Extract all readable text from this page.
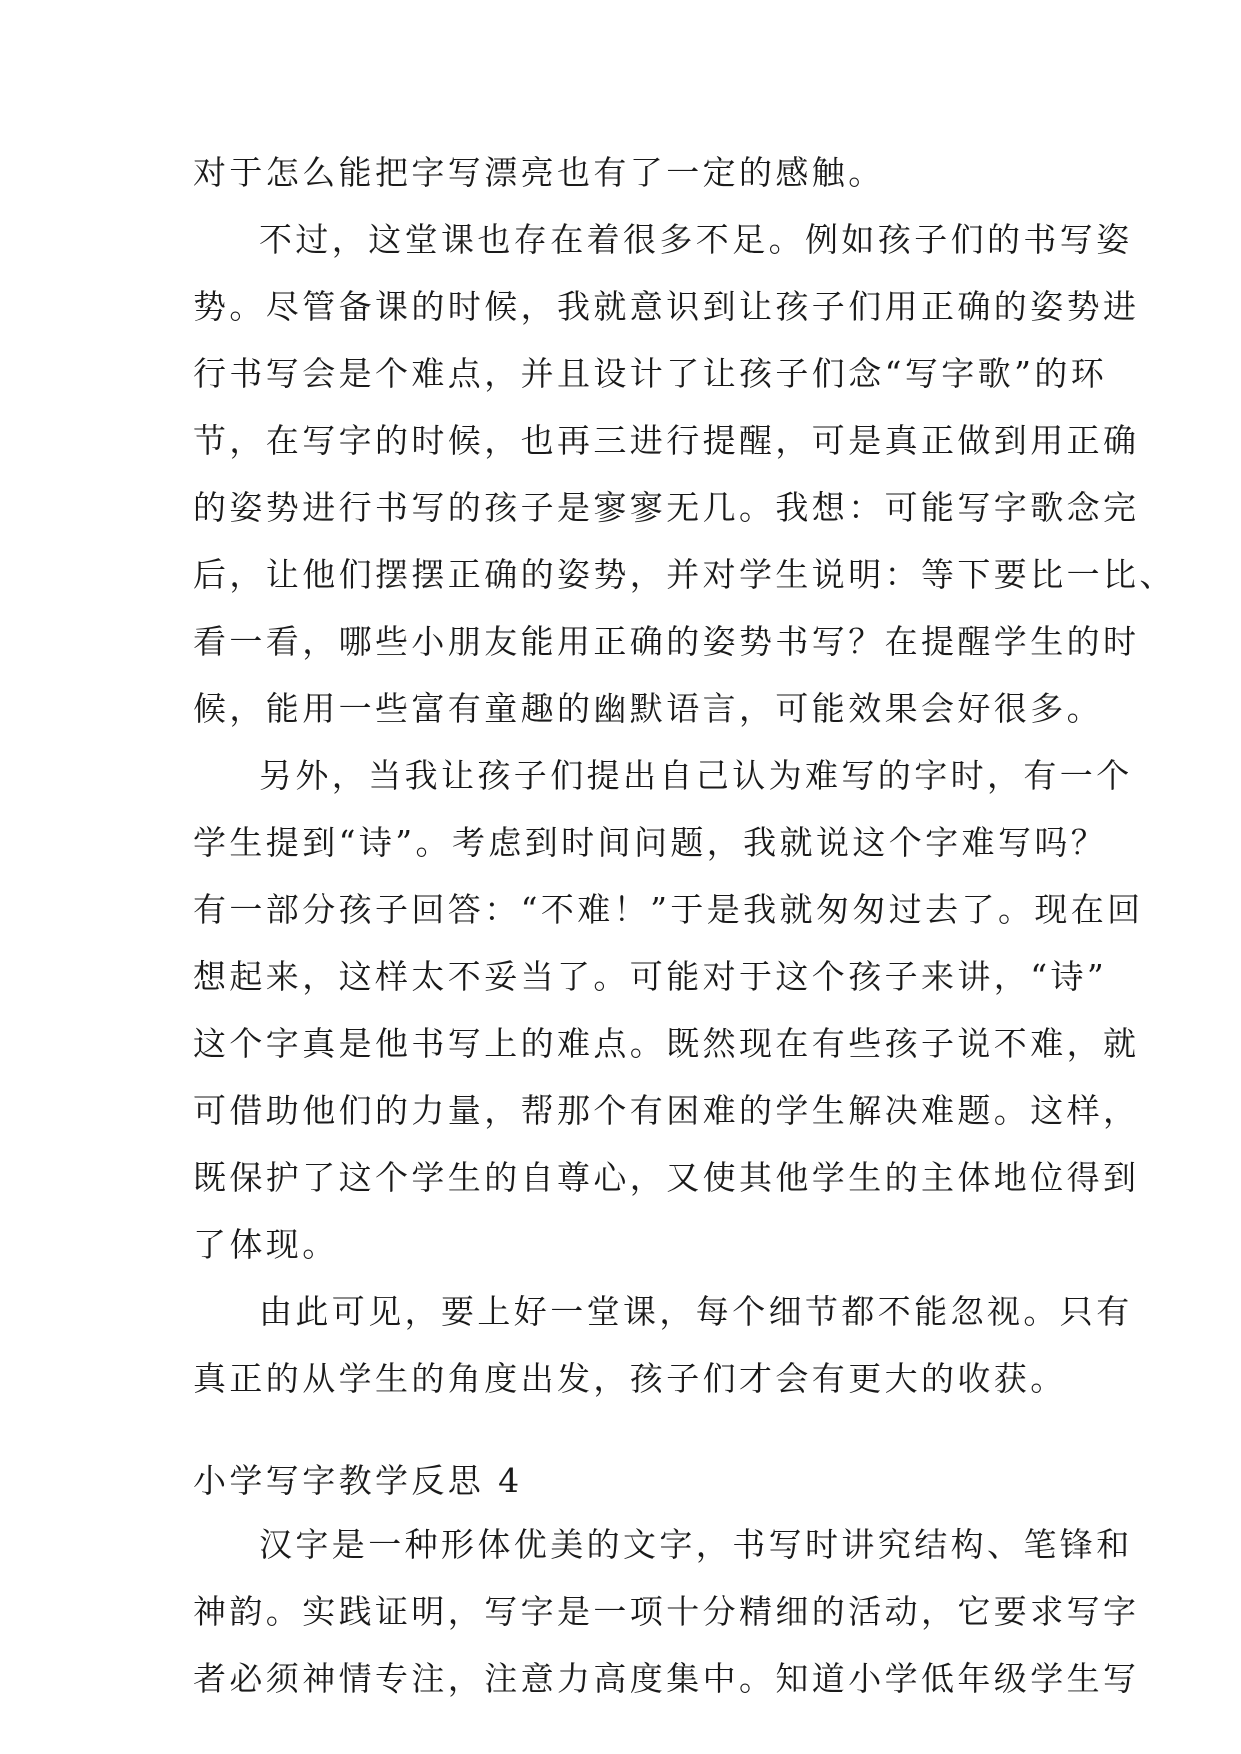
对于怎么能把字写漂亮也有了一定的感触。

不过，这堂课也存在着很多不足。例如孩子们的书写姿

势。尽管备课的时候，我就意识到让孩子们用正确的姿势进

行书写会是个难点，并且设计了让孩子们念“写字歌”的环

节，在写字的时候，也再三进行提醒，可是真正做到用正确

的姿势进行书写的孩子是寥寥无几。我想：可能写字歌念完

后，让他们摆摆正确的姿势，并对学生说明：等下要比一比、

看一看，哪些小朋友能用正确的姿势书写？在提醒学生的时

候，能用一些富有童趣的幽默语言，可能效果会好很多。

另外，当我让孩子们提出自己认为难写的字时，有一个

学生提到“诗”。考虑到时间问题，我就说这个字难写吗？

有一部分孩子回答：“不难！”于是我就匆匆过去了。现在回

想起来，这样太不妥当了。可能对于这个孩子来讲，“诗”

这个字真是他书写上的难点。既然现在有些孩子说不难，就

可借助他们的力量，帮那个有困难的学生解决难题。这样，

既保护了这个学生的自尊心，又使其他学生的主体地位得到

了体现。

由此可见，要上好一堂课，每个细节都不能忽视。只有

真正的从学生的角度出发，孩子们才会有更大的收获。

小学写字教学反思 4

汉字是一种形体优美的文字，书写时讲究结构、笔锋和

神韵。实践证明，写字是一项十分精细的活动，它要求写字

者必须神情专注，注意力高度集中。知道小学低年级学生写
